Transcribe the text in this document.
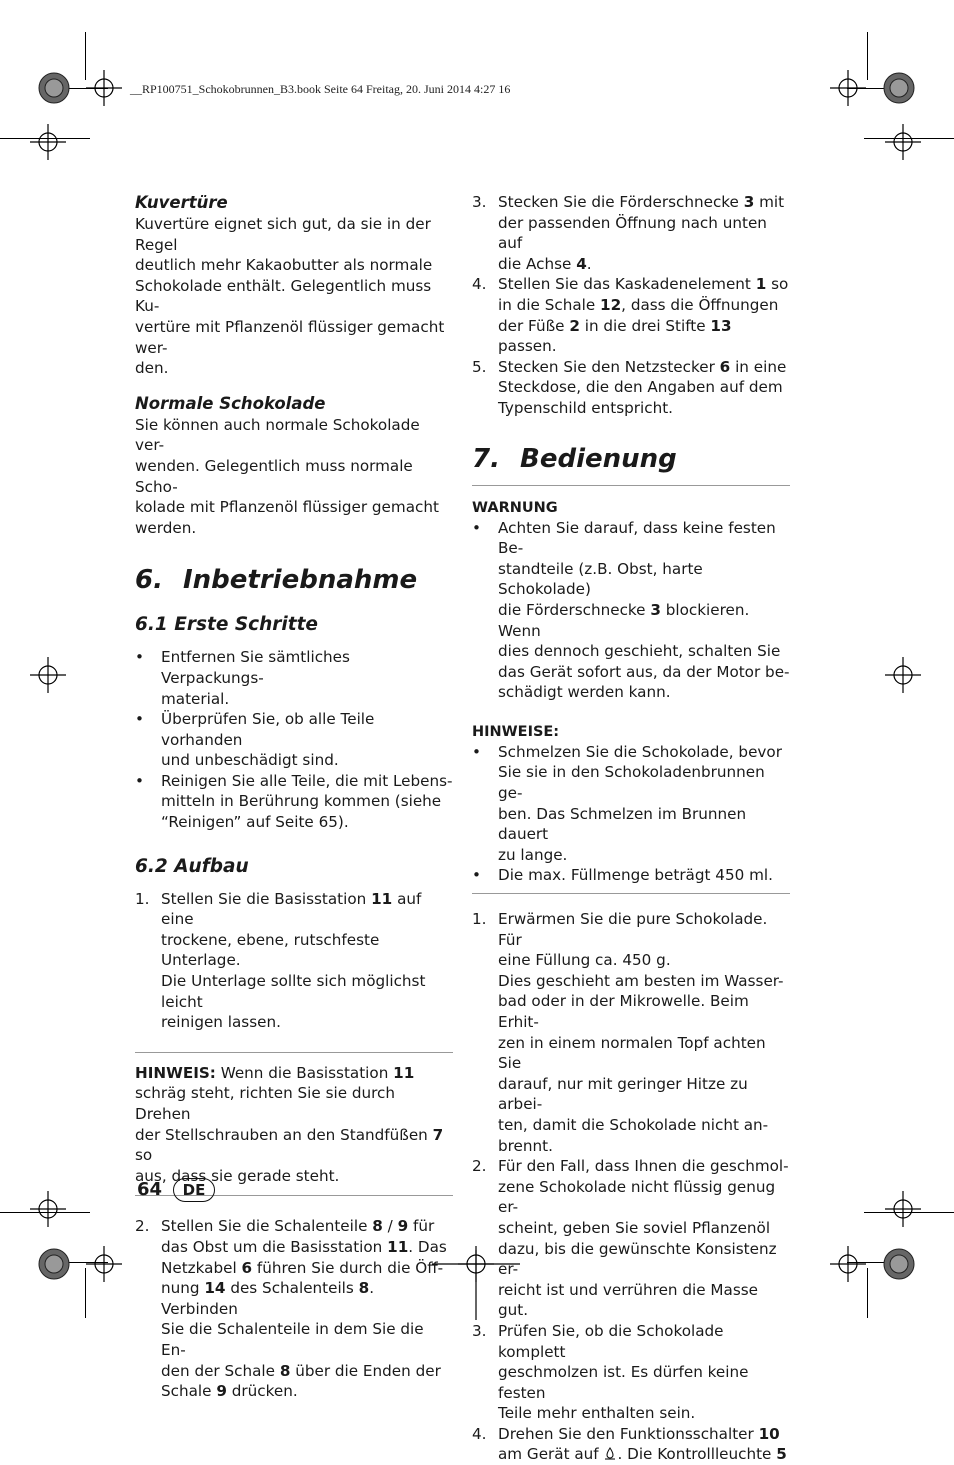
__RP100751_Schokobrunnen_B3.book Seite 64 Freitag, 20. Juni 2014 4:27 16

Kuvertüre

Kuvertüre eignet sich gut, da sie in der Regel

deutlich mehr Kakaobutter als normale

Schokolade enthält. Gelegentlich muss Ku-

vertüre mit Pflanzenöl flüssiger gemacht wer-

den.

Normale Schokolade

Sie können auch normale Schokolade ver-

wenden. Gelegentlich muss normale Scho-

kolade mit Pflanzenöl flüssiger gemacht

werden.

6. Inbetriebnahme

6.1 Erste Schritte

•	Entfernen Sie sämtliches Verpackungs-

material.

•	Überprüfen Sie, ob alle Teile vorhanden

und unbeschädigt sind.

•	Reinigen Sie alle Teile, die mit Lebens-

mitteln in Berührung kommen (siehe

“Reinigen” auf Seite 65).

6.2 Aufbau

1. Stellen Sie die Basisstation 11 auf eine

trockene, ebene, rutschfeste Unterlage.

Die Unterlage sollte sich möglichst leicht

reinigen lassen.

HINWEIS: Wenn die Basisstation 11

schräg steht, richten Sie sie durch Drehen

der Stellschrauben an den Standfüßen 7 so

aus, dass sie gerade steht.

2. Stellen Sie die Schalenteile 8 / 9 für

das Obst um die Basisstation 11. Das

Netzkabel 6 führen Sie durch die Öff-

nung 14 des Schalenteils 8. Verbinden

Sie die Schalenteile in dem Sie die En-

den der Schale 8 über die Enden der

Schale 9 drücken.

3. Stecken Sie die Förderschnecke 3 mit

der passenden Öffnung nach unten auf

die Achse 4.

4. Stellen Sie das Kaskadenelement 1 so

in die Schale 12, dass die Öffnungen

der Füße 2 in die drei Stifte 13 passen.

5. Stecken Sie den Netzstecker 6 in eine

Steckdose, die den Angaben auf dem

Typenschild entspricht.

7. Bedienung

WARNUNG

•	Achten Sie darauf, dass keine festen Be-

standteile (z.B. Obst, harte Schokolade)

die Förderschnecke 3 blockieren. Wenn

dies dennoch geschieht, schalten Sie

das Gerät sofort aus, da der Motor be-

schädigt werden kann.

HINWEISE:

•	Schmelzen Sie die Schokolade, bevor

Sie sie in den Schokoladenbrunnen ge-

ben. Das Schmelzen im Brunnen dauert

zu lange.

•	Die max. Füllmenge beträgt 450 ml.

1. Erwärmen Sie die pure Schokolade. Für

eine Füllung ca. 450 g.

Dies geschieht am besten im Wasser-

bad oder in der Mikrowelle. Beim Erhit-

zen in einem normalen Topf achten Sie

darauf, nur mit geringer Hitze zu arbei-

ten, damit die Schokolade nicht an-

brennt.

2. Für den Fall, dass Ihnen die geschmol-

zene Schokolade nicht flüssig genug er-

scheint, geben Sie soviel Pflanzenöl

dazu, bis die gewünschte Konsistenz er-

reicht ist und verrühren die Masse gut.

3. Prüfen Sie, ob die Schokolade komplett

geschmolzen ist. Es dürfen keine festen

Teile mehr enthalten sein.

4. Drehen Sie den Funktionsschalter 10

am Gerät auf . Die Kontrollleuchte 5

64	DE
